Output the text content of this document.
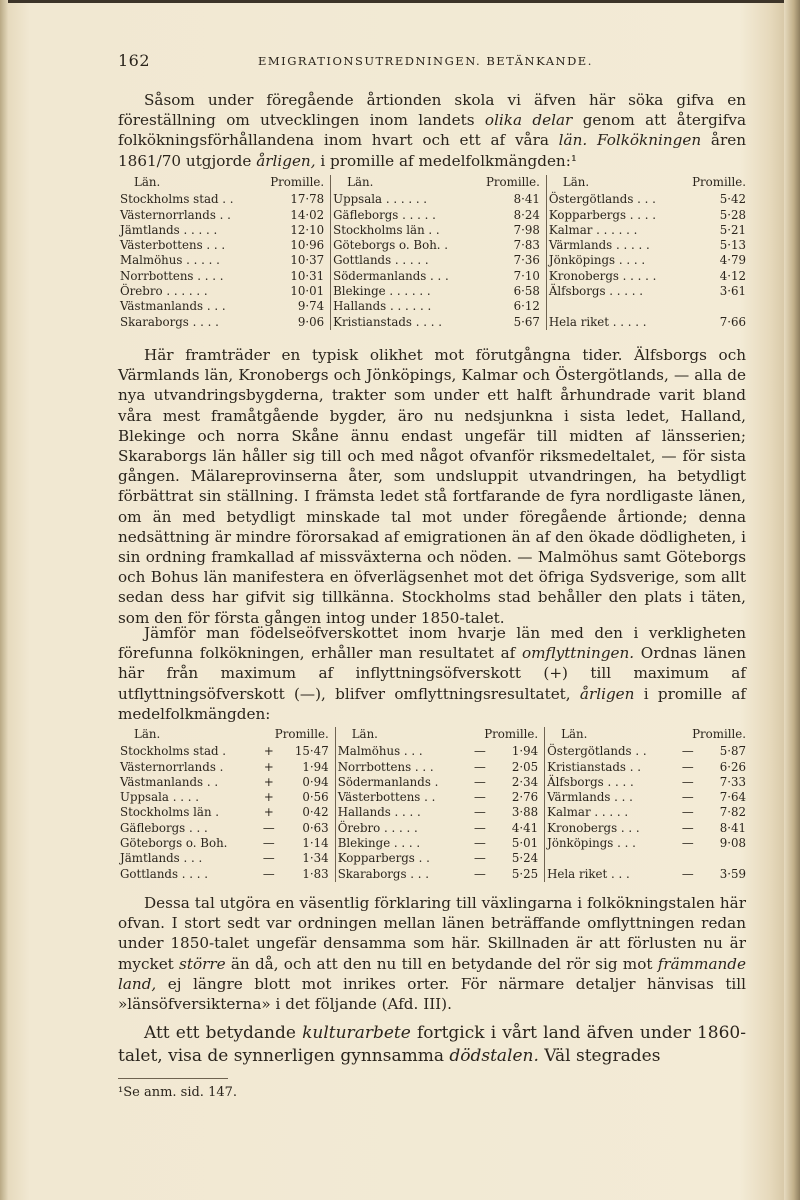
162	EMIGRATIONSUTREDNINGEN. BETÄNKANDE.
Såsom under föregående årtionden skola vi äfven här söka gifva en föreställning om utvecklingen inom landets olika delar genom att återgifva folkökningsförhållandena inom hvart och ett af våra län. Folkökningen åren 1861/70 utgjorde årligen, i promille af medelfolkmängden:¹
Län.	Promille.	Län.	Promille.	Län.	Promille.
Stockholms stad . .	17·78	Uppsala . . . . . .	8·41	Östergötlands . . .	5·42
Västernorrlands . .	14·02	Gäfleborgs . . . . .	8·24	Kopparbergs . . . .	5·28
Jämtlands . . . . .	12·10	Stockholms län . .	7·98	Kalmar . . . . . .	5·21
Västerbottens . . .	10·96	Göteborgs o. Boh. .	7·83	Värmlands . . . . .	5·13
Malmöhus . . . . .	10·37	Gottlands . . . . .	7·36	Jönköpings . . . .	4·79
Norrbottens . . . .	10·31	Södermanlands . . .	7·10	Kronobergs . . . . .	4·12
Örebro . . . . . .	10·01	Blekinge . . . . . .	6·58	Älfsborgs . . . . .	3·61
Västmanlands . . .	9·74	Hallands . . . . . .	6·12		
Skaraborgs . . . .	9·06	Kristianstads . . . .	5·67	Hela riket . . . . .	7·66
Här framträder en typisk olikhet mot förutgångna tider. Älfsborgs och Värmlands län, Kronobergs och Jönköpings, Kalmar och Östergötlands, — alla de nya utvandringsbygderna, trakter som under ett halft århundrade varit bland våra mest framåtgående bygder, äro nu nedsjunkna i sista ledet, Halland, Blekinge och norra Skåne ännu endast ungefär till midten af länsserien; Skaraborgs län håller sig till och med något ofvanför riksmedeltalet, — för sista gången. Mälareprovinserna åter, som undsluppit utvandringen, ha betydligt förbättrat sin ställning. I främsta ledet stå fortfarande de fyra nordligaste länen, om än med betydligt minskade tal mot under föregående årtionde; denna nedsättning är mindre förorsakad af emigrationen än af den ökade dödligheten, i sin ordning framkallad af missväxterna och nöden. — Malmöhus samt Göteborgs och Bohus län manifestera en öfverlägsenhet mot det öfriga Sydsverige, som allt sedan dess har gifvit sig tillkänna. Stockholms stad behåller den plats i täten, som den för första gången intog under 1850-talet.
Jämför man födelseöfverskottet inom hvarje län med den i verkligheten förefunna folkökningen, erhåller man resultatet af omflyttningen. Ordnas länen här från maximum af inflyttningsöfverskott (+) till maximum af utflyttningsöfverskott (—), blifver omflyttningsresultatet, årligen i promille af medelfolkmängden:
Län.	Promille.		Län.	Promille.		Län.	Promille.	
Stockholms stad .	+	15·47	Malmöhus . . .	—	1·94	Östergötlands . .	—	5·87
Västernorrlands .	+	1·94	Norrbottens . . .	—	2·05	Kristianstads . .	—	6·26
Västmanlands . .	+	0·94	Södermanlands .	—	2·34	Älfsborgs . . . .	—	7·33
Uppsala . . . .	+	0·56	Västerbottens . .	—	2·76	Värmlands . . .	—	7·64
Stockholms län .	+	0·42	Hallands . . . .	—	3·88	Kalmar . . . . .	—	7·82
Gäfleborgs . . .	—	0·63	Örebro . . . . .	—	4·41	Kronobergs . . .	—	8·41
Göteborgs o. Boh.	—	1·14	Blekinge . . . .	—	5·01	Jönköpings . . .	—	9·08
Jämtlands . . .	—	1·34	Kopparbergs . .	—	5·24			
Gottlands . . . .	—	1·83	Skaraborgs . . .	—	5·25	Hela riket . . .	—	3·59
Dessa tal utgöra en väsentlig förklaring till växlingarna i folkökningstalen här ofvan. I stort sedt var ordningen mellan länen beträffande omflyttningen redan under 1850-talet ungefär densamma som här. Skillnaden är att förlusten nu är mycket större än då, och att den nu till en betydande del rör sig mot främmande land, ej längre blott mot inrikes orter. För närmare detaljer hänvisas till »länsöfversikterna» i det följande (Afd. III).
Att ett betydande kulturarbete fortgick i vårt land äfven under 1860-talet, visa de synnerligen gynnsamma dödstalen. Väl stegrades
¹Se anm. sid. 147.
